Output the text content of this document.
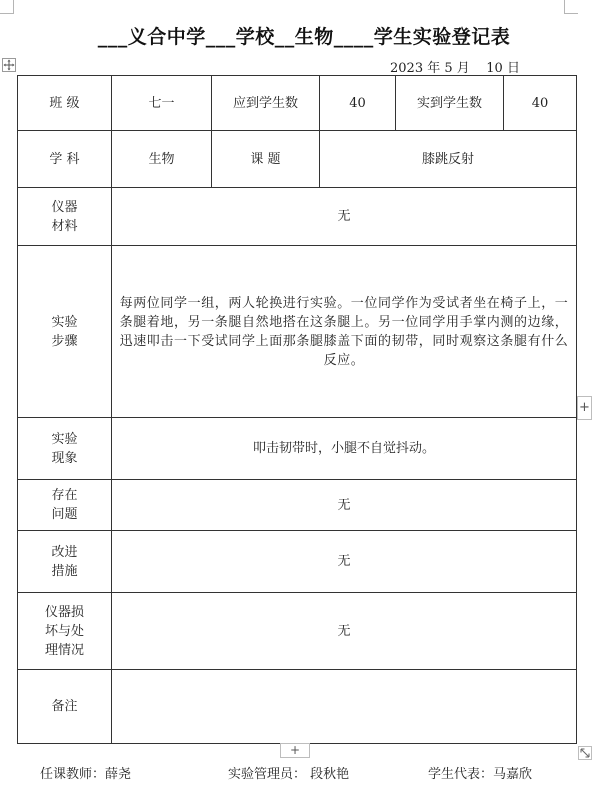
___义合中学___学校__生物____学生实验登记表
2023 年 5 月    10 日
班 级	七一	应到学生数	40	实到学生数	40
学 科	生物	课 题	膝跳反射		

仪器
材料	无				

实验
步骤	每两位同学一组，两人轮换进行实验。一位同学作为受试者坐在椅子上，一条腿着地，另一条腿自然地搭在这条腿上。另一位同学用手掌内测的边缘，迅速叩击一下受试同学上面那条腿膝盖下面的韧带，同时观察这条腿有什么反应。				

实验
现象	叩击韧带时，小腿不自觉抖动。				

存在
问题	无				

改进
措施	无				

仪器损
坏与处
理情况	无				
备注					
+
+
任课教师：薛尧	实验管理员： 段秋艳	学生代表：马嘉欣
